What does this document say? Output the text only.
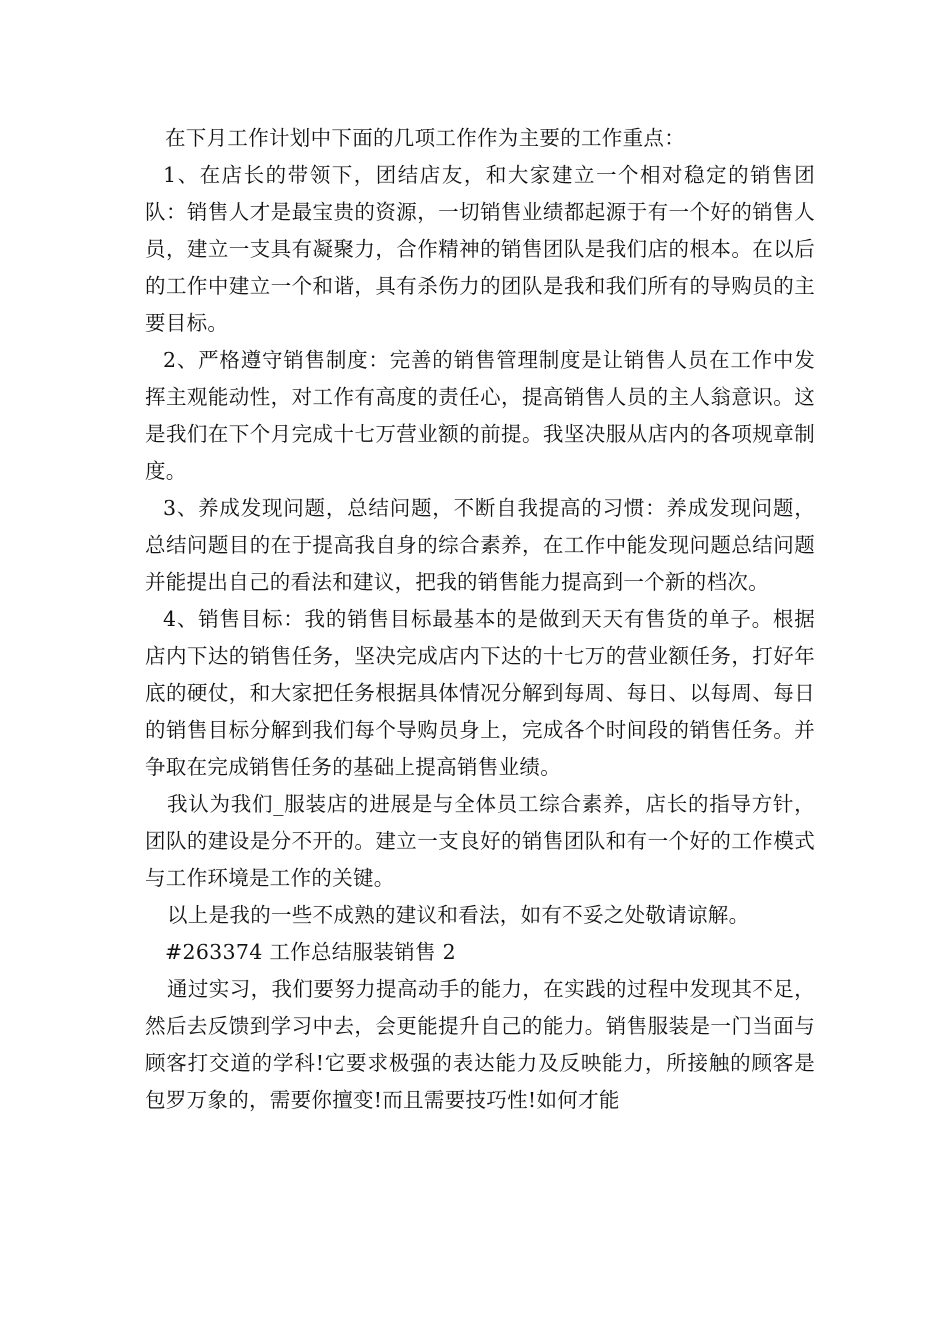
在下月工作计划中下面的几项工作作为主要的工作重点：

1、在店长的带领下，团结店友，和大家建立一个相对稳定的销售团队：销售人才是最宝贵的资源，一切销售业绩都起源于有一个好的销售人员，建立一支具有凝聚力，合作精神的销售团队是我们店的根本。在以后的工作中建立一个和谐，具有杀伤力的团队是我和我们所有的导购员的主要目标。

2、严格遵守销售制度：完善的销售管理制度是让销售人员在工作中发挥主观能动性，对工作有高度的责任心，提高销售人员的主人翁意识。这是我们在下个月完成十七万营业额的前提。我坚决服从店内的各项规章制度。

3、养成发现问题，总结问题，不断自我提高的习惯：养成发现问题，总结问题目的在于提高我自身的综合素养，在工作中能发现问题总结问题并能提出自己的看法和建议，把我的销售能力提高到一个新的档次。

4、销售目标：我的销售目标最基本的是做到天天有售货的单子。根据店内下达的销售任务，坚决完成店内下达的十七万的营业额任务，打好年底的硬仗，和大家把任务根据具体情况分解到每周、每日、以每周、每日的销售目标分解到我们每个导购员身上，完成各个时间段的销售任务。并争取在完成销售任务的基础上提高销售业绩。

我认为我们_服装店的进展是与全体员工综合素养，店长的指导方针，团队的建设是分不开的。建立一支良好的销售团队和有一个好的工作模式与工作环境是工作的关键。

以上是我的一些不成熟的建议和看法，如有不妥之处敬请谅解。

#263374 工作总结服装销售 2

通过实习，我们要努力提高动手的能力，在实践的过程中发现其不足，然后去反馈到学习中去，会更能提升自己的能力。销售服装是一门当面与顾客打交道的学科!它要求极强的表达能力及反映能力，所接触的顾客是包罗万象的，需要你擅变!而且需要技巧性!如何才能
